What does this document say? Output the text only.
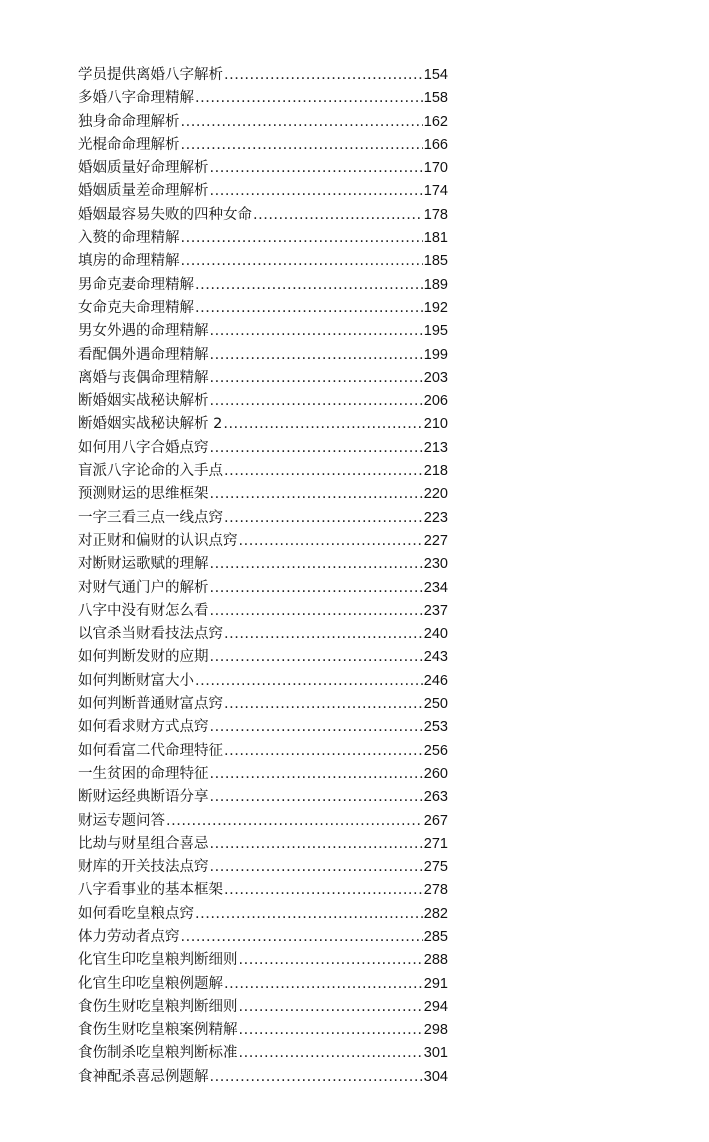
学员提供离婚八字解析 .....	154
多婚八字命理精解 .....	158
独身命命理解析 .....	162
光棍命命理解析 .....	166
婚姻质量好命理解析 .....	170
婚姻质量差命理解析 .....	174
婚姻最容易失败的四种女命 .....	178
入赘的命理精解 .....	181
填房的命理精解 .....	185
男命克妻命理精解 .....	189
女命克夫命理精解 .....	192
男女外遇的命理精解 .....	195
看配偶外遇命理精解 .....	199
离婚与丧偶命理精解 .....	203
断婚姻实战秘诀解析 .....	206
断婚姻实战秘诀解析 2 .....	210
如何用八字合婚点窍 .....	213
盲派八字论命的入手点 .....	218
预测财运的思维框架 .....	220
一字三看三点一线点窍 .....	223
对正财和偏财的认识点窍 .....	227
对断财运歌赋的理解 .....	230
对财气通门户的解析 .....	234
八字中没有财怎么看 .....	237
以官杀当财看技法点窍 .....	240
如何判断发财的应期 .....	243
如何判断财富大小 .....	246
如何判断普通财富点窍 .....	250
如何看求财方式点窍 .....	253
如何看富二代命理特征 .....	256
一生贫困的命理特征 .....	260
断财运经典断语分享 .....	263
财运专题问答 .....	267
比劫与财星组合喜忌 .....	271
财库的开关技法点窍 .....	275
八字看事业的基本框架 .....	278
如何看吃皇粮点窍 .....	282
体力劳动者点窍 .....	285
化官生印吃皇粮判断细则 .....	288
化官生印吃皇粮例题解 .....	291
食伤生财吃皇粮判断细则 .....	294
食伤生财吃皇粮案例精解 .....	298
食伤制杀吃皇粮判断标准 .....	301
食神配杀喜忌例题解 .....	304
